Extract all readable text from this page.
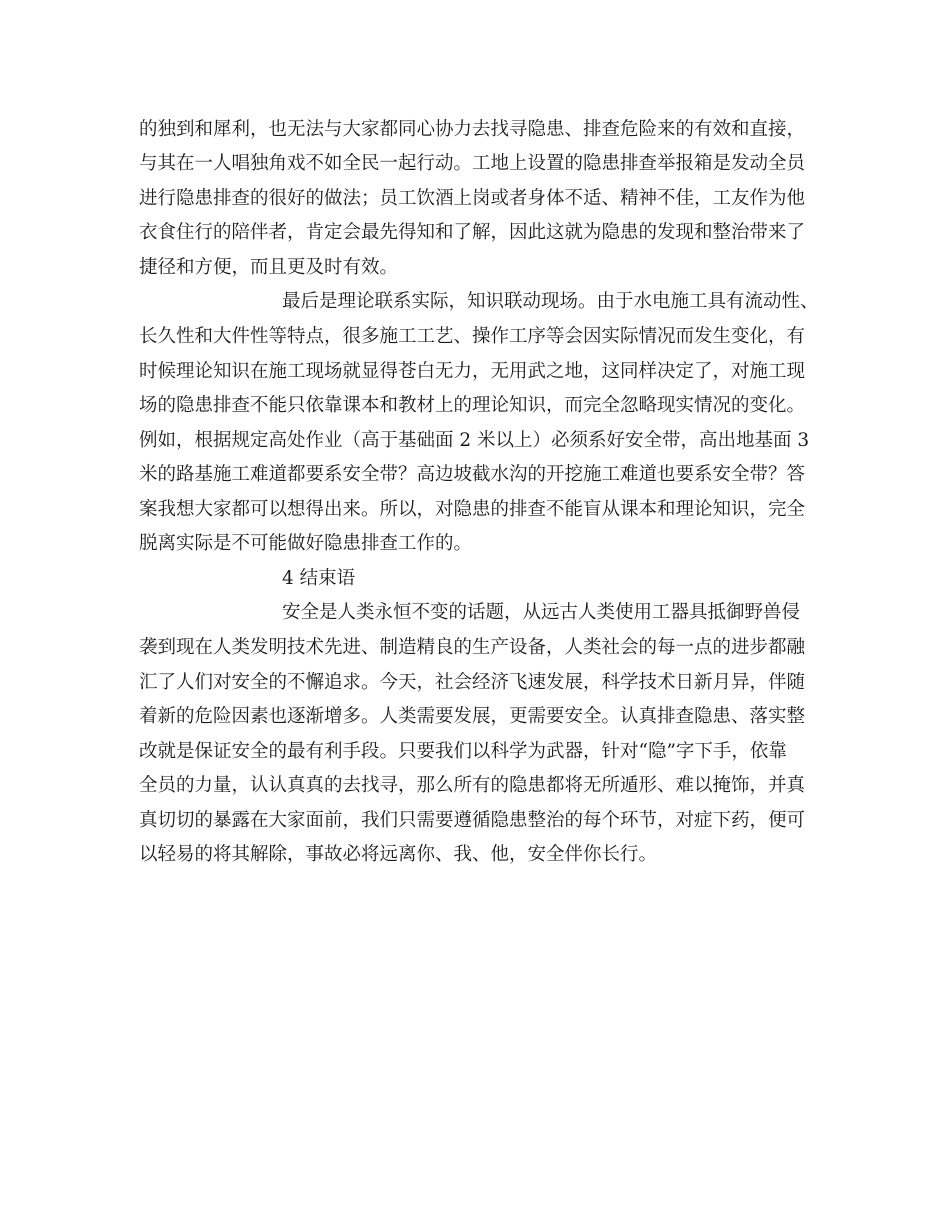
的独到和犀利，也无法与大家都同心协力去找寻隐患、排查危险来的有效和直接，

与其在一人唱独角戏不如全民一起行动。工地上设置的隐患排查举报箱是发动全员

进行隐患排查的很好的做法；员工饮酒上岗或者身体不适、精神不佳，工友作为他

衣食住行的陪伴者，肯定会最先得知和了解，因此这就为隐患的发现和整治带来了

捷径和方便，而且更及时有效。

最后是理论联系实际，知识联动现场。由于水电施工具有流动性、

长久性和大件性等特点，很多施工工艺、操作工序等会因实际情况而发生变化，有

时候理论知识在施工现场就显得苍白无力，无用武之地，这同样决定了，对施工现

场的隐患排查不能只依靠课本和教材上的理论知识，而完全忽略现实情况的变化。

例如，根据规定高处作业（高于基础面 2 米以上）必须系好安全带，高出地基面 3

米的路基施工难道都要系安全带？高边坡截水沟的开挖施工难道也要系安全带？答

案我想大家都可以想得出来。所以，对隐患的排查不能盲从课本和理论知识，完全

脱离实际是不可能做好隐患排查工作的。

4 结束语

安全是人类永恒不变的话题，从远古人类使用工器具抵御野兽侵

袭到现在人类发明技术先进、制造精良的生产设备，人类社会的每一点的进步都融

汇了人们对安全的不懈追求。今天，社会经济飞速发展，科学技术日新月异，伴随

着新的危险因素也逐渐增多。人类需要发展，更需要安全。认真排查隐患、落实整

改就是保证安全的最有利手段。只要我们以科学为武器，针对“隐”字下手，依靠

全员的力量，认认真真的去找寻，那么所有的隐患都将无所遁形、难以掩饰，并真

真切切的暴露在大家面前，我们只需要遵循隐患整治的每个环节，对症下药，便可

以轻易的将其解除，事故必将远离你、我、他，安全伴你长行。
